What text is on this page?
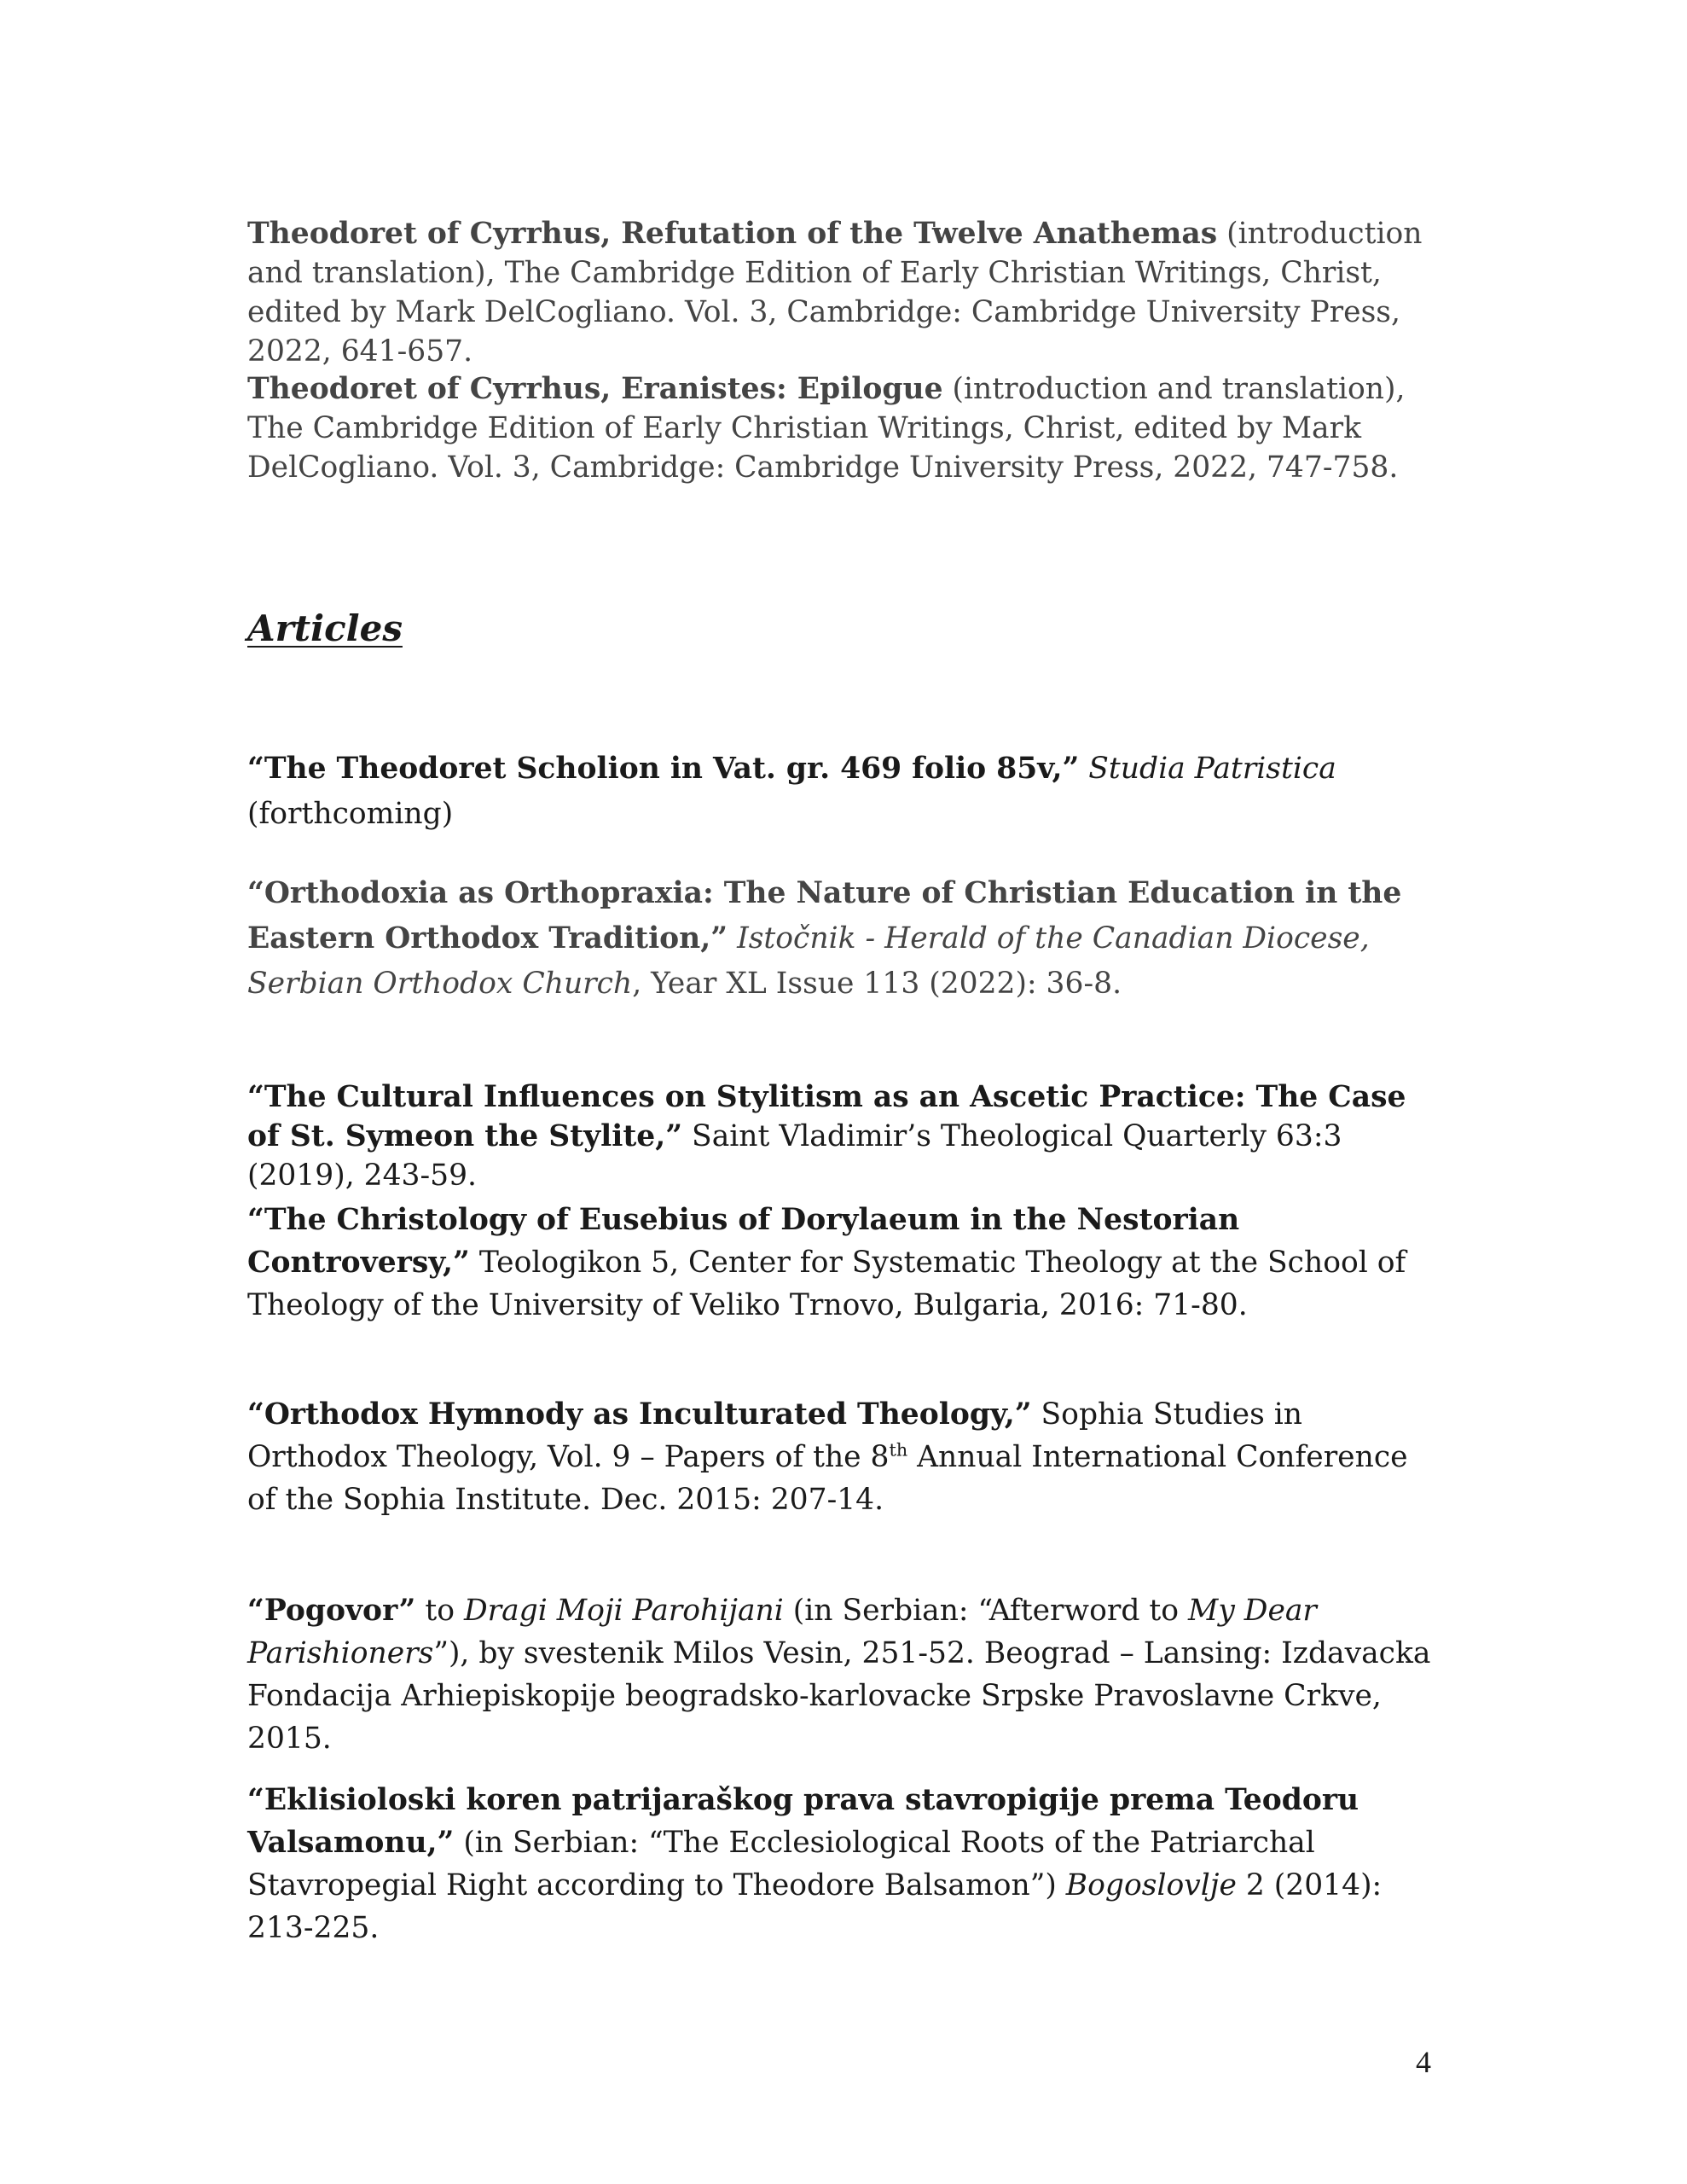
Theodoret of Cyrrhus, Refutation of the Twelve Anathemas (introduction and translation), The Cambridge Edition of Early Christian Writings, Christ, edited by Mark DelCogliano. Vol. 3, Cambridge: Cambridge University Press, 2022, 641-657.

Theodoret of Cyrrhus, Eranistes: Epilogue (introduction and translation), The Cambridge Edition of Early Christian Writings, Christ, edited by Mark DelCogliano. Vol. 3, Cambridge: Cambridge University Press, 2022, 747-758.

Articles

“The Theodoret Scholion in Vat. gr. 469 folio 85v,” Studia Patristica
(forthcoming)

“Orthodoxia as Orthopraxia: The Nature of Christian Education in the Eastern Orthodox Tradition,” Istočnik - Herald of the Canadian Diocese, Serbian Orthodox Church, Year XL Issue 113 (2022): 36-8.

“The Cultural Influences on Stylitism as an Ascetic Practice: The Case of St. Symeon the Stylite,” Saint Vladimir’s Theological Quarterly 63:3 (2019), 243-59.

“The Christology of Eusebius of Dorylaeum in the Nestorian Controversy,” Teologikon 5, Center for Systematic Theology at the School of Theology of the University of Veliko Trnovo, Bulgaria, 2016: 71-80.

“Orthodox Hymnody as Inculturated Theology,” Sophia Studies in Orthodox Theology, Vol. 9 – Papers of the 8th Annual International Conference of the Sophia Institute. Dec. 2015: 207-14.

“Pogovor” to Dragi Moji Parohijani (in Serbian: “Afterword to My Dear Parishioners”), by svestenik Milos Vesin, 251-52. Beograd – Lansing: Izdavacka Fondacija Arhiepiskopije beogradsko-karlovacke Srpske Pravoslavne Crkve, 2015.

“Eklisioloski koren patrijaraškog prava stavropigije prema Teodoru Valsamonu,” (in Serbian: “The Ecclesiological Roots of the Patriarchal Stavropegial Right according to Theodore Balsamon”) Bogoslovlje 2 (2014): 213-225.

4
